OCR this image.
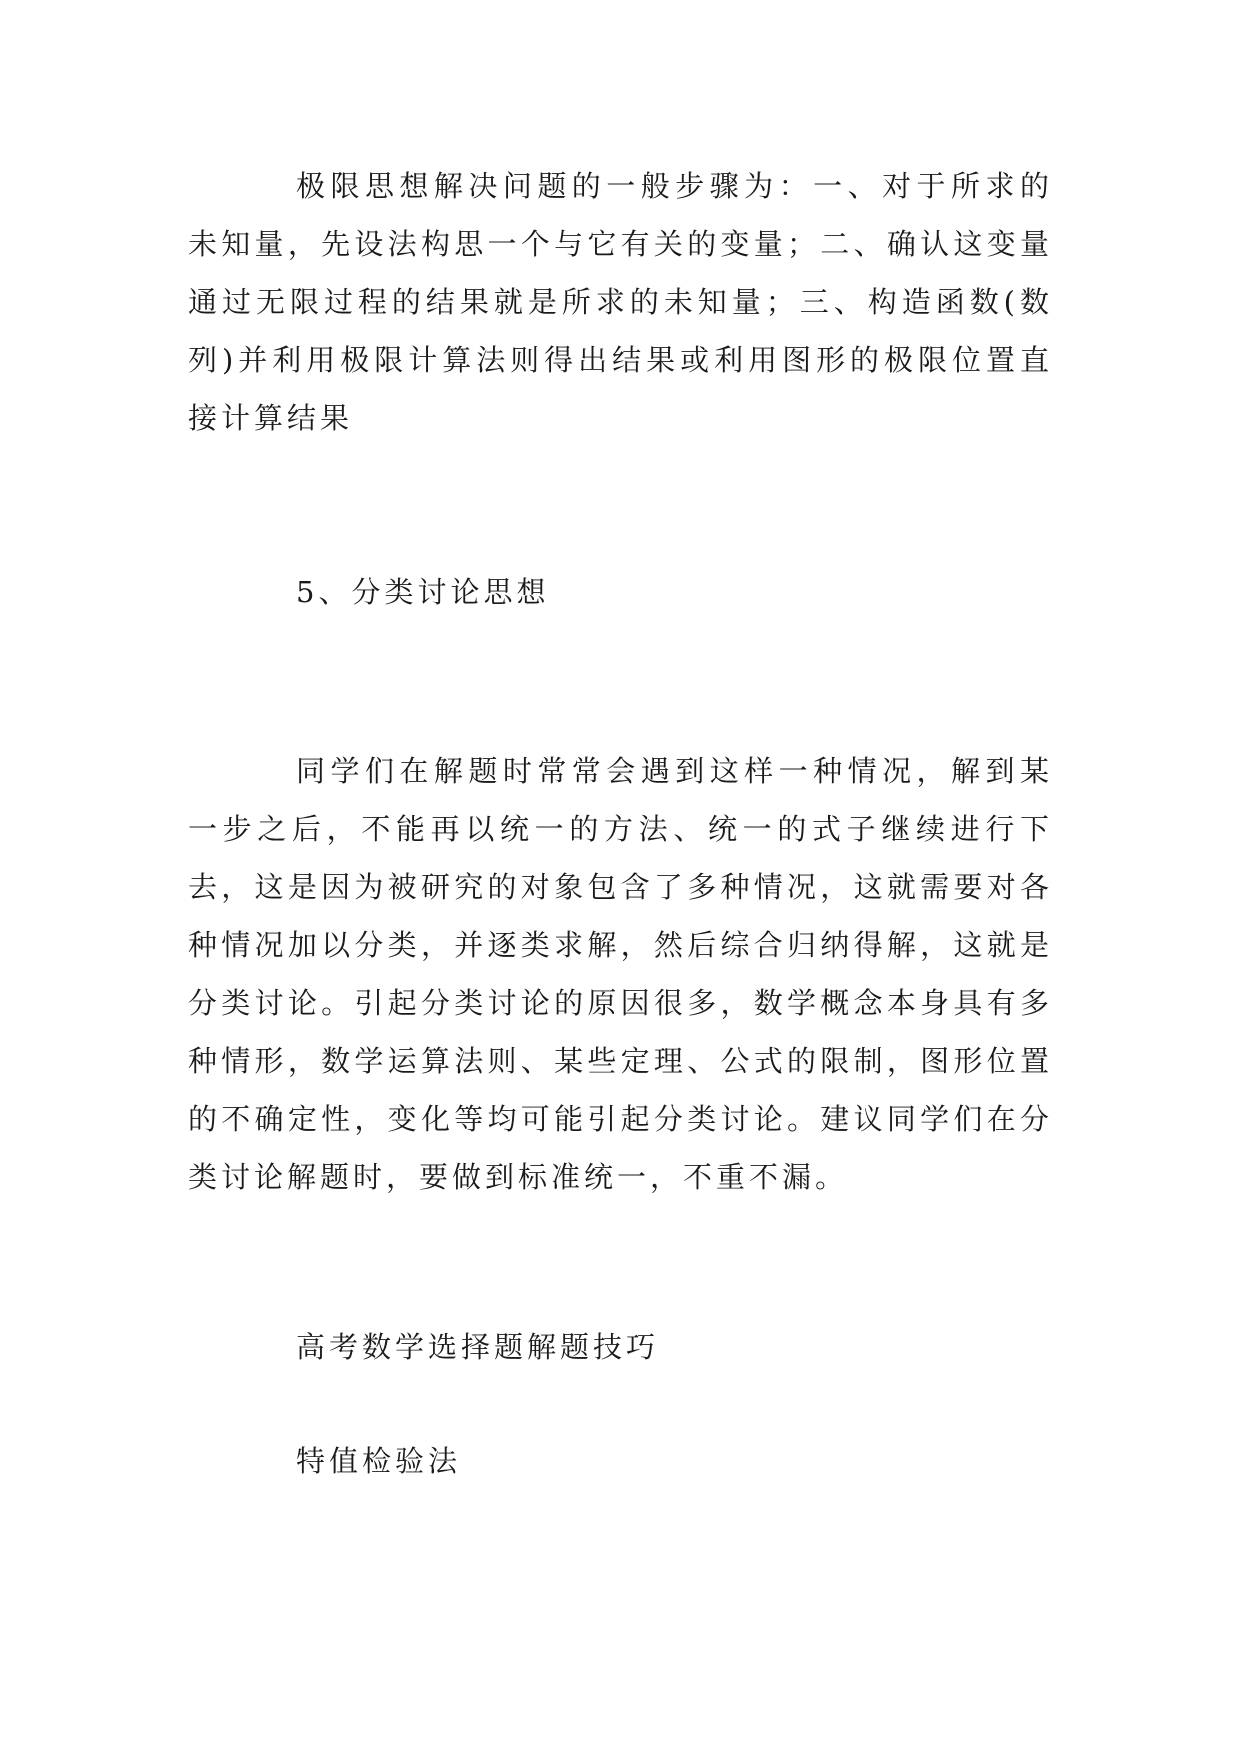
极限思想解决问题的一般步骤为：一、对于所求的未知量，先设法构思一个与它有关的变量；二、确认这变量通过无限过程的结果就是所求的未知量；三、构造函数(数列)并利用极限计算法则得出结果或利用图形的极限位置直接计算结果

5、分类讨论思想

同学们在解题时常常会遇到这样一种情况，解到某一步之后，不能再以统一的方法、统一的式子继续进行下去，这是因为被研究的对象包含了多种情况，这就需要对各种情况加以分类，并逐类求解，然后综合归纳得解，这就是分类讨论。引起分类讨论的原因很多，数学概念本身具有多种情形，数学运算法则、某些定理、公式的限制，图形位置的不确定性，变化等均可能引起分类讨论。建议同学们在分类讨论解题时，要做到标准统一，不重不漏。

高考数学选择题解题技巧

特值检验法
